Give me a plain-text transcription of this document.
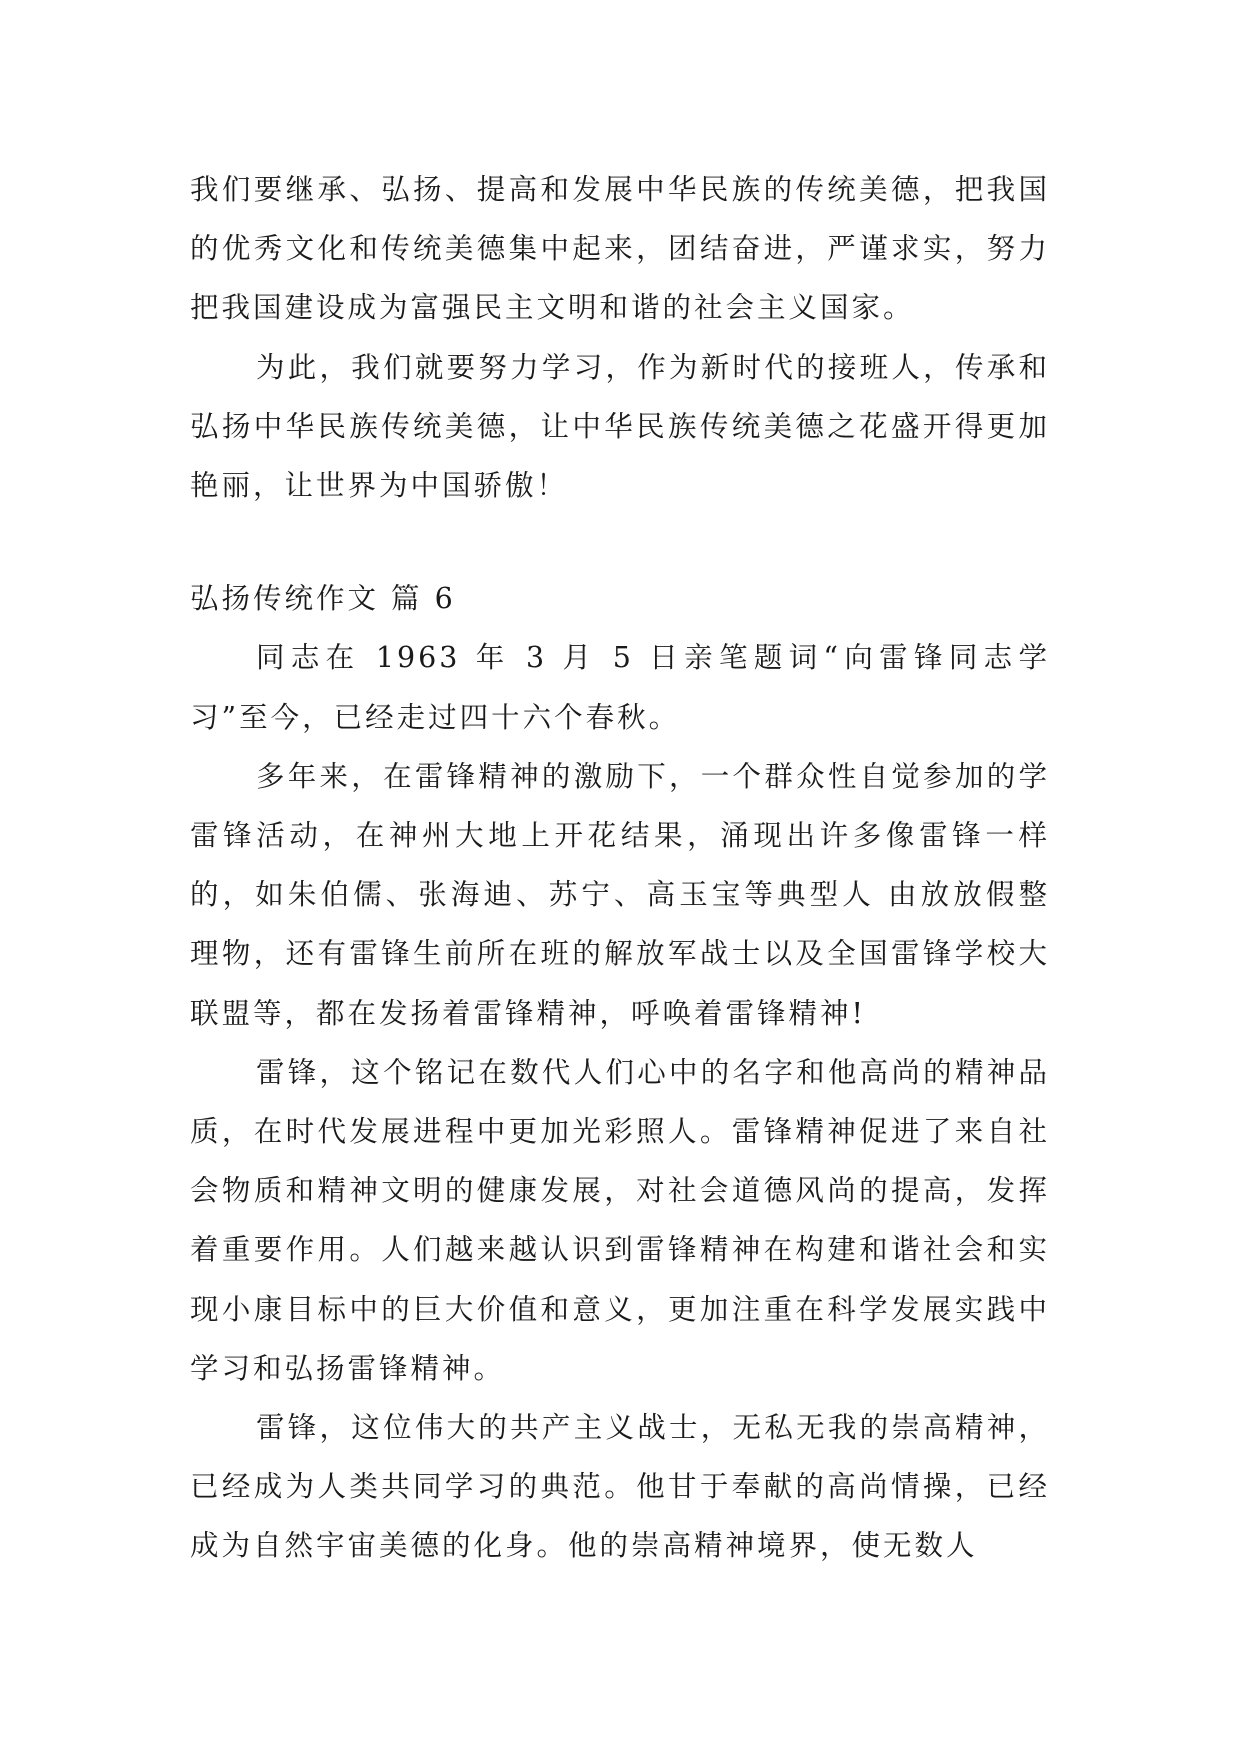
我们要继承、弘扬、提高和发展中华民族的传统美德，把我国的优秀文化和传统美德集中起来，团结奋进，严谨求实，努力把我国建设成为富强民主文明和谐的社会主义国家。

为此，我们就要努力学习，作为新时代的接班人，传承和弘扬中华民族传统美德，让中华民族传统美德之花盛开得更加艳丽，让世界为中国骄傲！

弘扬传统作文 篇 6

同志在 1963 年 3 月 5 日亲笔题词“向雷锋同志学习”至今，已经走过四十六个春秋。

多年来，在雷锋精神的激励下，一个群众性自觉参加的学雷锋活动，在神州大地上开花结果，涌现出许多像雷锋一样的，如朱伯儒、张海迪、苏宁、高玉宝等典型人 由放放假整理物，还有雷锋生前所在班的解放军战士以及全国雷锋学校大联盟等，都在发扬着雷锋精神，呼唤着雷锋精神!

雷锋，这个铭记在数代人们心中的名字和他高尚的精神品质，在时代发展进程中更加光彩照人。雷锋精神促进了来自社会物质和精神文明的健康发展，对社会道德风尚的提高，发挥着重要作用。人们越来越认识到雷锋精神在构建和谐社会和实现小康目标中的巨大价值和意义，更加注重在科学发展实践中学习和弘扬雷锋精神。

雷锋，这位伟大的共产主义战士，无私无我的崇高精神，已经成为人类共同学习的典范。他甘于奉献的高尚情操，已经成为自然宇宙美德的化身。他的崇高精神境界，使无数人
